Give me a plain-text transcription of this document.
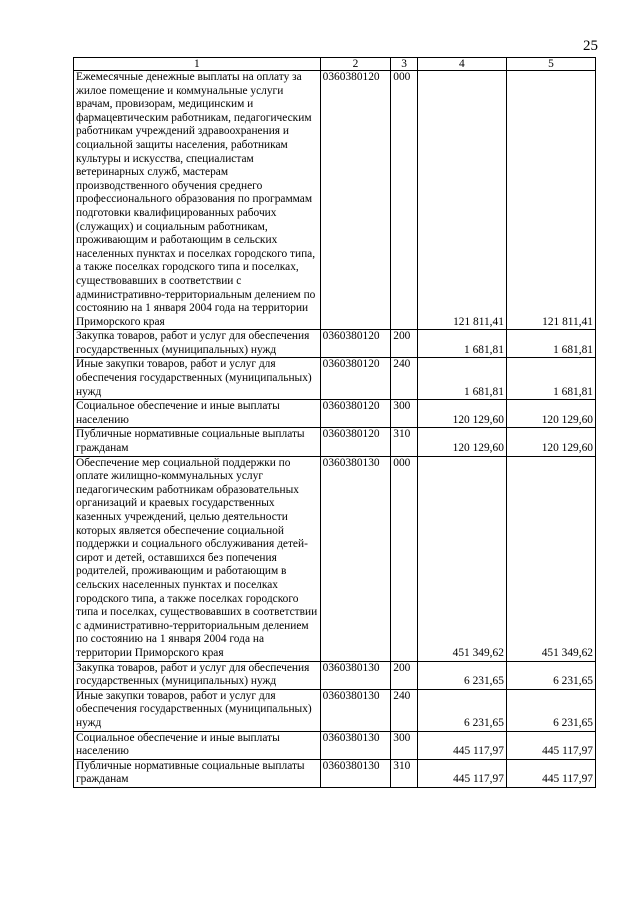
25
1	2	3	4	5
Ежемесячные денежные выплаты на оплату за жилое помещение и коммунальные услуги врачам, провизорам, медицинским и фармацевтическим работникам, педагогическим работникам учреждений здравоохранения и социальной защиты населения, работникам культуры и искусства, специалистам ветеринарных служб, мастерам производственного обучения среднего профессионального образования по программам подготовки квалифицированных рабочих (служащих) и социальным работникам, проживающим и работающим в сельских населенных пунктах и поселках городского типа, а также поселках городского типа и поселках, существовавших в соответствии с административно-территориальным делением по состоянию на 1 января 2004 года на территории Приморского края	0360380120	000	121 811,41	121 811,41
Закупка товаров, работ и услуг для обеспечения государственных (муниципальных) нужд	0360380120	200	1 681,81	1 681,81
Иные закупки товаров, работ и услуг для обеспечения государственных (муниципальных) нужд	0360380120	240	1 681,81	1 681,81
Социальное обеспечение и иные выплаты населению	0360380120	300	120 129,60	120 129,60
Публичные нормативные социальные выплаты гражданам	0360380120	310	120 129,60	120 129,60
Обеспечение мер социальной поддержки по оплате жилищно-коммунальных услуг педагогическим работникам образовательных организаций и краевых государственных казенных учреждений, целью деятельности которых является обеспечение социальной поддержки и социального обслуживания детей-сирот и детей, оставшихся без попечения родителей, проживающим и работающим в сельских населенных пунктах и поселках городского типа, а также поселках городского типа и поселках, существовавших в соответствии с административно-территориальным делением по состоянию на 1 января 2004 года на территории Приморского края	0360380130	000	451 349,62	451 349,62
Закупка товаров, работ и услуг для обеспечения государственных (муниципальных) нужд	0360380130	200	6 231,65	6 231,65
Иные закупки товаров, работ и услуг для обеспечения государственных (муниципальных) нужд	0360380130	240	6 231,65	6 231,65
Социальное обеспечение и иные выплаты населению	0360380130	300	445 117,97	445 117,97
Публичные нормативные социальные выплаты гражданам	0360380130	310	445 117,97	445 117,97
